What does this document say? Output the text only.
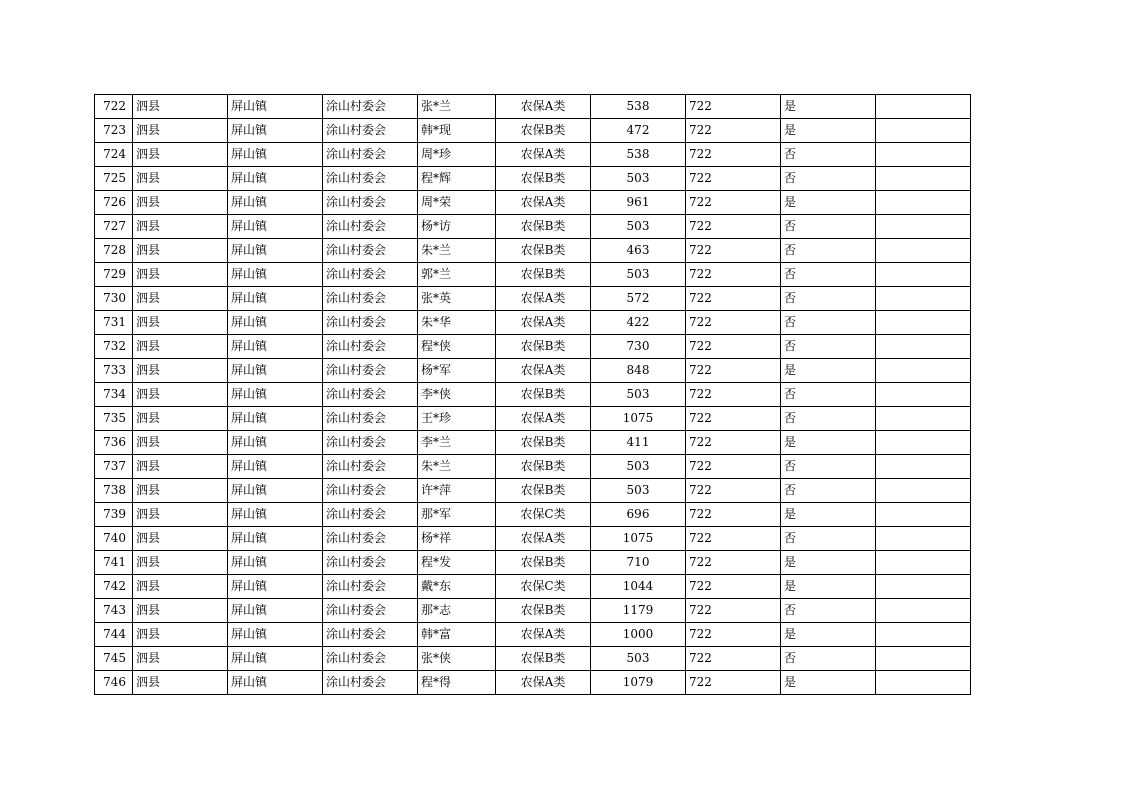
722	泗县	屏山镇	涂山村委会	张*兰	农保A类	538	722	是	
723	泗县	屏山镇	涂山村委会	韩*现	农保B类	472	722	是	
724	泗县	屏山镇	涂山村委会	周*珍	农保A类	538	722	否	
725	泗县	屏山镇	涂山村委会	程*辉	农保B类	503	722	否	
726	泗县	屏山镇	涂山村委会	周*荣	农保A类	961	722	是	
727	泗县	屏山镇	涂山村委会	杨*访	农保B类	503	722	否	
728	泗县	屏山镇	涂山村委会	朱*兰	农保B类	463	722	否	
729	泗县	屏山镇	涂山村委会	郭*兰	农保B类	503	722	否	
730	泗县	屏山镇	涂山村委会	张*英	农保A类	572	722	否	
731	泗县	屏山镇	涂山村委会	朱*华	农保A类	422	722	否	
732	泗县	屏山镇	涂山村委会	程*侠	农保B类	730	722	否	
733	泗县	屏山镇	涂山村委会	杨*军	农保A类	848	722	是	
734	泗县	屏山镇	涂山村委会	李*侠	农保B类	503	722	否	
735	泗县	屏山镇	涂山村委会	王*珍	农保A类	1075	722	否	
736	泗县	屏山镇	涂山村委会	李*兰	农保B类	411	722	是	
737	泗县	屏山镇	涂山村委会	朱*兰	农保B类	503	722	否	
738	泗县	屏山镇	涂山村委会	许*萍	农保B类	503	722	否	
739	泗县	屏山镇	涂山村委会	那*军	农保C类	696	722	是	
740	泗县	屏山镇	涂山村委会	杨*祥	农保A类	1075	722	否	
741	泗县	屏山镇	涂山村委会	程*发	农保B类	710	722	是	
742	泗县	屏山镇	涂山村委会	戴*东	农保C类	1044	722	是	
743	泗县	屏山镇	涂山村委会	那*志	农保B类	1179	722	否	
744	泗县	屏山镇	涂山村委会	韩*富	农保A类	1000	722	是	
745	泗县	屏山镇	涂山村委会	张*侠	农保B类	503	722	否	
746	泗县	屏山镇	涂山村委会	程*得	农保A类	1079	722	是	
